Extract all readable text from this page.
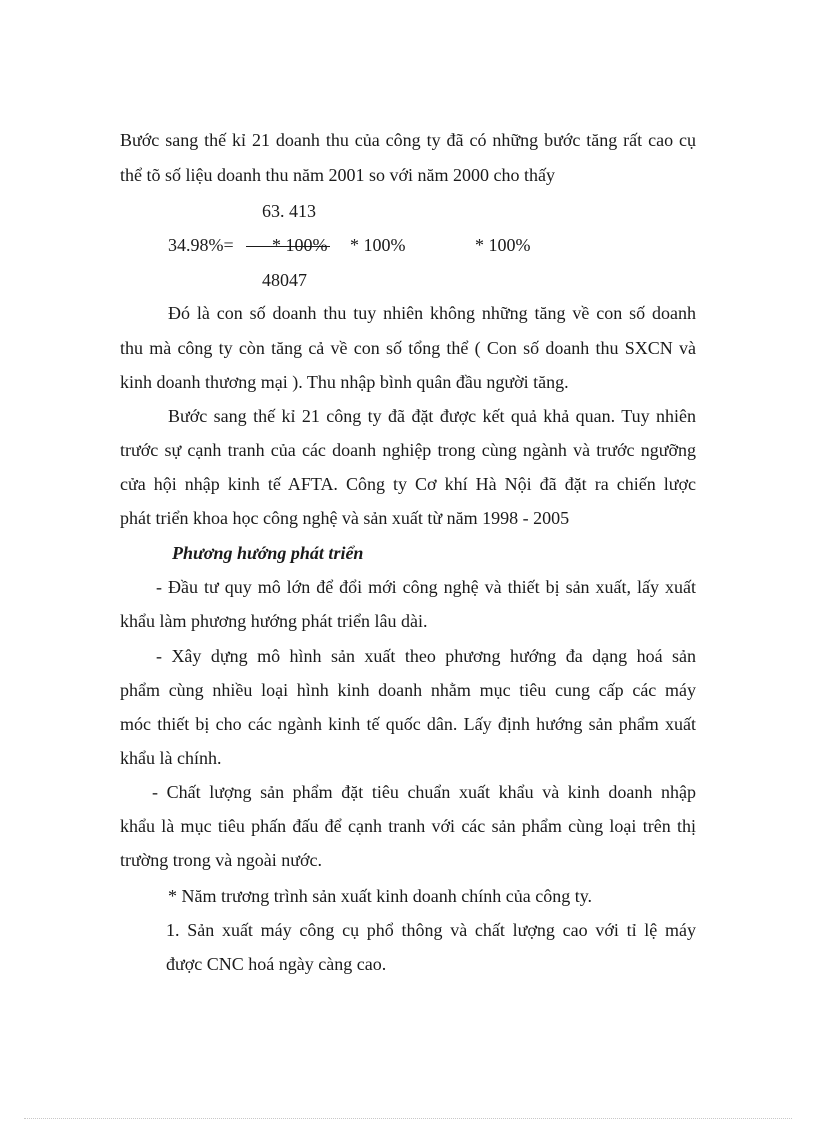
Bước sang thế kỉ 21 doanh thu của công ty đã có những bước tăng rất cao cụ
thể tõ số liệu doanh thu năm 2001 so với năm 2000 cho thấy
63. 413
34.98%= * 100% * 100%	* 100%
48047
Đó là con số doanh thu tuy nhiên không những tăng về con số doanh
thu mà công ty còn tăng cả về con số tổng thể ( Con số doanh thu SXCN và
kinh doanh thương mại ). Thu nhập bình quân đầu người tăng.
Bước sang thế kỉ 21 công ty đã đặt được kết quả khả quan. Tuy nhiên
trước sự cạnh tranh của các doanh nghiệp trong cùng ngành và trước ngưỡng
cửa hội nhập kinh tế AFTA. Công ty Cơ khí Hà Nội đã đặt ra chiến lược
phát triển khoa học công nghệ và sản xuất từ năm 1998 - 2005
Phương hướng phát triển
- Đầu tư quy mô lớn để đổi mới công nghệ và thiết bị sản xuất, lấy xuất
khẩu làm phương hướng phát triển lâu dài.
- Xây dựng mô hình sản xuất theo phương hướng đa dạng hoá sản
phẩm cùng nhiều loại hình kinh doanh nhằm mục tiêu cung cấp các máy
móc thiết bị cho các ngành kinh tế quốc dân. Lấy định hướng sản phẩm xuất
khẩu là chính.
- Chất lượng sản phẩm đặt tiêu chuẩn xuất khẩu và kinh doanh nhập
khẩu là mục tiêu phấn đấu để cạnh tranh với các sản phẩm cùng loại trên thị
trường trong và ngoài nước.
* Năm trương trình sản xuất kinh doanh chính của công ty.
1. Sản xuất máy công cụ phổ thông và chất lượng cao với tỉ lệ máy
được CNC hoá ngày càng cao.
